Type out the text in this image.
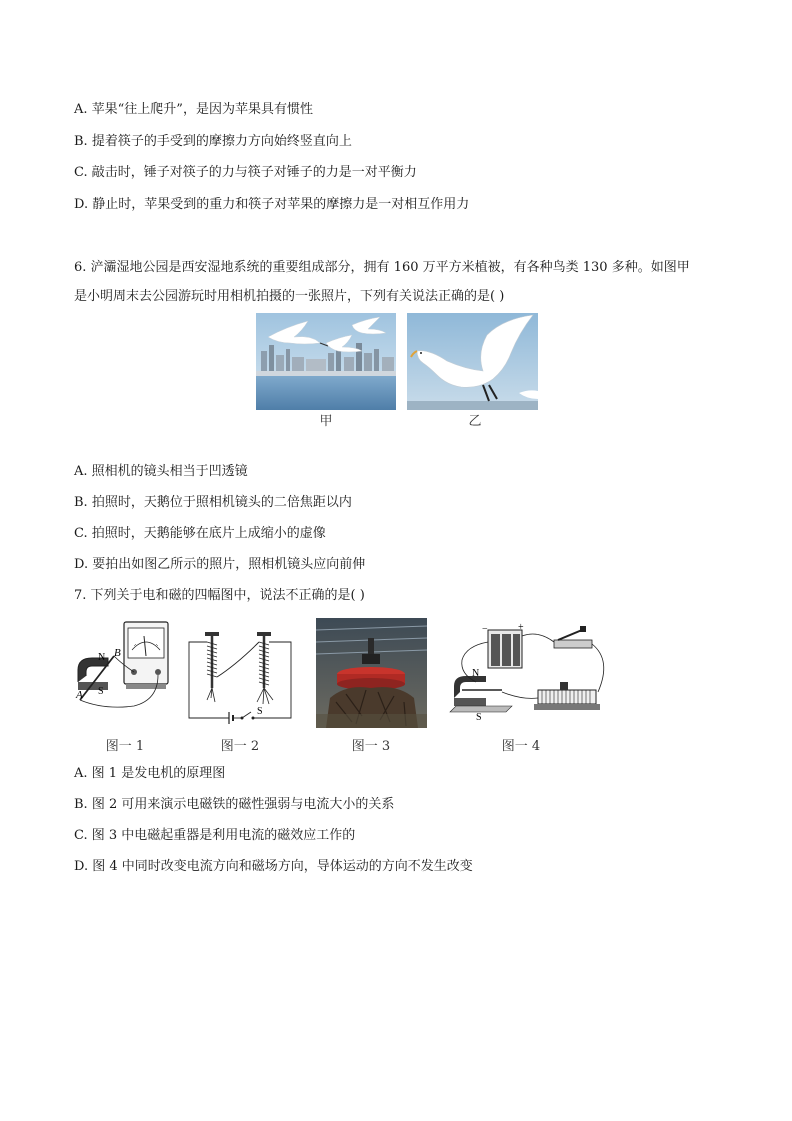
A. 苹果“往上爬升”，是因为苹果具有惯性
B. 提着筷子的手受到的摩擦力方向始终竖直向上
C. 敲击时，锤子对筷子的力与筷子对锤子的力是一对平衡力
D. 静止时，苹果受到的重力和筷子对苹果的摩擦力是一对相互作用力
6. 浐灞湿地公园是西安湿地系统的重要组成部分，拥有 160 万平方米植被，有各种鸟类 130 多种。如图甲
是小明周末去公园游玩时用相机拍摄的一张照片，下列有关说法正确的是( )
甲	乙
A. 照相机的镜头相当于凹透镜
B. 拍照时，天鹅位于照相机镜头的二倍焦距以内
C. 拍照时，天鹅能够在底片上成缩小的虚像
D. 要拍出如图乙所示的照片，照相机镜头应向前伸
7. 下列关于电和磁的四幅图中，说法不正确的是( )
N
S
A
B
图一 1
S
图一 2	图一 3
−	+
N
S
图一 4
A. 图 1 是发电机的原理图
B. 图 2 可用来演示电磁铁的磁性强弱与电流大小的关系
C. 图 3 中电磁起重器是利用电流的磁效应工作的
D. 图 4 中同时改变电流方向和磁场方向，导体运动的方向不发生改变
